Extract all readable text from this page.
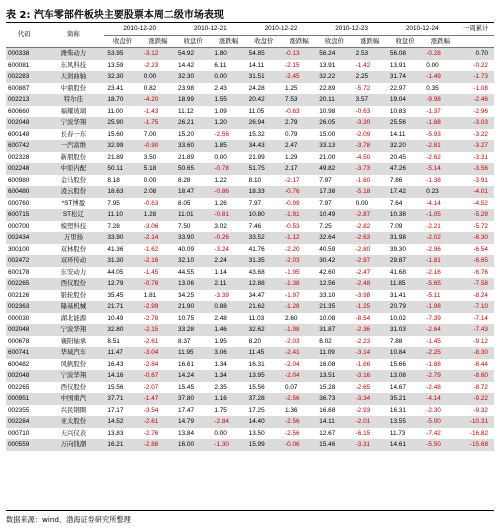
表 2: 汽车零部件板块主要股票本周二级市场表现
代码	简称	2010-12-20		2010-12-21		2010-12-22		2010-12-23		2010-12-24		一周累计
		收盘价	涨跌幅	收盘价	涨跌幅	收盘价	涨跌幅	收盘价	涨跌幅	收盘价	涨跌幅	
000338	潍柴动力	53.95	-3.12	54.92	1.80	54.85	-0.13	56.24	2.53	56.08	-0.28	0.70
600081	东风科技	13.59	-2.23	14.42	6.11	14.11	-2.15	13.91	-1.42	13.91	0.00	-0.22
002283	天润曲轴	32.30	0.00	32.30	0.00	31.51	-2.45	32.22	2.25	31.74	-1.49	-1.73
600887	中鼎股份	23.41	0.82	23.98	2.43	24.28	1.25	22.89	-5.72	22.97	0.35	-1.08
002213	特尔佳	18.70	-4.20	18.99	1.55	20.42	7.53	20.11	3.57	19.04	-9.98	-2.46
600660	福耀玻璃	11.00	-1.43	11.12	1.09	11.05	-0.63	10.98	-0.63	10.83	-1.37	-2.96
002048	宁波华翔	25.90	-1.75	26.21	1.20	26.94	2.79	26.05	-3.30	25.56	-1.88	-3.03
600148	长春一东	15.60	7.00	15.20	-2.56	15.32	0.79	15.00	-2.09	14.11	-5.93	-3.22
600742	一汽富维	32.99	-0.90	33.60	1.85	34.43	2.47	33.13	-3.78	32.20	-2.81	-3.27
002328	新朋股份	21.89	3.50	21.89	0.00	21.99	1.29	21.00	-4.50	20.45	-2.62	-3.31
002248	中原内配	50.11	5.18	50.65	-0.78	51.75	2.17	49.82	-3.73	47.26	-5.14	-3.56
600980	金马股份	8.18	0.00	8.28	1.22	8.10	-2.17	7.97	-1.60	7.86	-1.38	-3.91
600480	凌云股份	18.63	2.08	18.47	-0.86	18.33	-0.76	17.38	-5.18	17.42	0.23	-4.01
000760	*ST博盈	7.95	-0.63	8.05	1.26	7.97	-0.99	7.97	0.00	7.64	-4.14	-4.52
600715	ST松辽	11.10	1.28	11.01	-0.81	10.80	-1.91	10.49	-2.87	10.38	-1.05	-5.29
000700	模塑科技	7.28	-3.06	7.50	3.02	7.46	-0.53	7.25	-2.82	7.09	-2.21	-5.72
002434	万里扬	33.90	-2.14	33.90	-0.26	33.52	-1.12	32.64	-2.63	31.98	-2.02	-6.30
300100	双林股份	41.36	-1.62	40.09	-3.24	41.76	-2.20	40.59	-2.80	39.30	-2.96	-6.54
002472	双环传动	31.30	-2.16	32.10	2.24	31.35	-2.03	30.42	-2.97	29.87	-1.81	-6.65
600178	东安动力	44.05	-1.45	44.55	1.14	43.68	-1.95	42.60	-2.47	41.68	-2.16	-6.76
002265	西仪股份	12.79	-0.78	13.06	2.11	12.88	-1.38	12.56	-2.48	11.85	-5.65	-7.58
002126	银轮股份	35.45	1.81	34.25	-3.39	34.47	-1.97	33.10	-3.98	31.41	-5.11	-8.24
002363	隆基机械	21.71	-2.99	21.90	0.88	21.62	-1.28	21.35	-1.25	20.79	-1.98	-7.10
000030	湖北能源	10.49	-2.78	10.75	2.48	11.03	2.60	10.08	-8.54	10.02	-7.39	-7.14
002048	宁波华翔	32.80	-2.15	33.28	1.46	32.62	-1.98	31.87	-2.36	31.03	-2.64	-7.43
000678	襄阳轴承	8.51	-2.61	8.37	1.95	8.20	-2.03	8.02	-2.23	7.88	-1.45	-9.12
600741	华域汽车	11.47	-3.04	11.95	3.06	11.45	-2.41	11.09	-3.14	10.84	-2.25	-8.30
600482	风帆股份	16.43	-2.84	16.61	1.34	16.31	-2.04	16.08	-1.66	15.66	-1.88	-8.44
002048	宁波华翔	14.16	-0.67	14.24	1.34	13.95	-2.04	13.51	-3.16	13.08	-2.79	-8.60
002265	西仪股份	15.56	-2.07	15.45	2.35	15.56	0.07	15.28	-2.65	14.67	-2.48	-8.72
000951	中国重汽	37.71	-1.47	37.80	1.16	37.28	-2.56	36.73	-3.34	35.21	-4.14	-9.22
002355	兴民钢圈	17.17	-3.54	17.47	1.75	17.25	1.36	16.68	-2.93	16.31	-2.30	-9.32
002284	亚太股份	14.52	-2.61	14.79	-2.84	14.40	-2.56	14.11	-2.01	13.55	-5.00	-10.31
000710	天兴仪表	13.83	-2.76	13.84	0.00	13.50	-2.56	12.67	-6.15	11.73	-7.42	-16.82
000559	万向钱潮	16.21	-2.88	16.00	-1.30	15.99	-0.06	15.46	-3.31	14.61	-5.50	-15.68
数据来源：wind、渤海证券研究所整理
